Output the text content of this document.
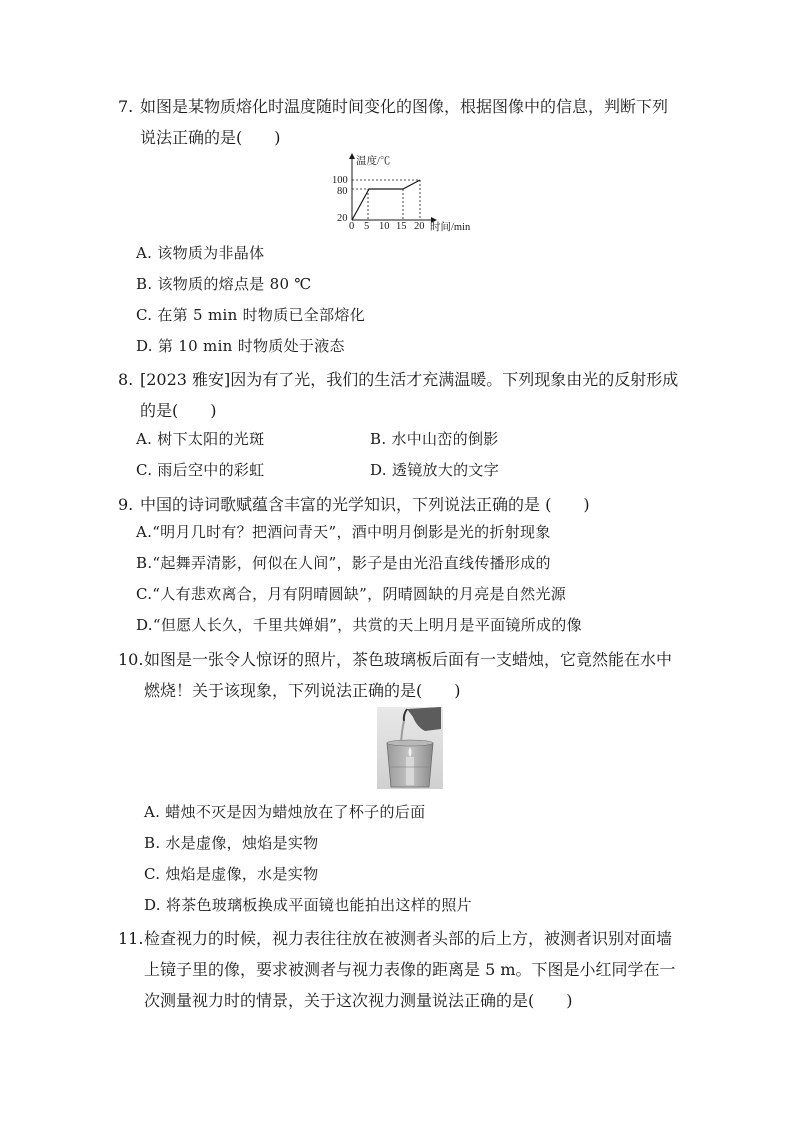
7. 如图是某物质熔化时温度随时间变化的图像，根据图像中的信息，判断下列
说法正确的是(　　)
温度/℃
时间/min
100
80
20
0 5 10 15 20
A. 该物质为非晶体
B. 该物质的熔点是 80 ℃
C. 在第 5 min 时物质已全部熔化
D. 第 10 min 时物质处于液态
8. [2023 雅安]因为有了光，我们的生活才充满温暖。下列现象由光的反射形成
的是(　　)
A. 树下太阳的光斑	B. 水中山峦的倒影
C. 雨后空中的彩虹	D. 透镜放大的文字
9. 中国的诗词歌赋蕴含丰富的光学知识，下列说法正确的是 (　　)
A.“明月几时有？把酒问青天”，酒中明月倒影是光的折射现象
B.“起舞弄清影，何似在人间”，影子是由光沿直线传播形成的
C.“人有悲欢离合，月有阴晴圆缺”，阴晴圆缺的月亮是自然光源
D.“但愿人长久，千里共婵娟”，共赏的天上明月是平面镜所成的像
10. 如图是一张令人惊讶的照片，茶色玻璃板后面有一支蜡烛，它竟然能在水中
燃烧！关于该现象，下列说法正确的是(　　)
A. 蜡烛不灭是因为蜡烛放在了杯子的后面
B. 水是虚像，烛焰是实物
C. 烛焰是虚像，水是实物
D. 将茶色玻璃板换成平面镜也能拍出这样的照片
11. 检查视力的时候，视力表往往放在被测者头部的后上方，被测者识别对面墙
上镜子里的像，要求被测者与视力表像的距离是 5 m。下图是小红同学在一
次测量视力时的情景，关于这次视力测量说法正确的是(　　)
